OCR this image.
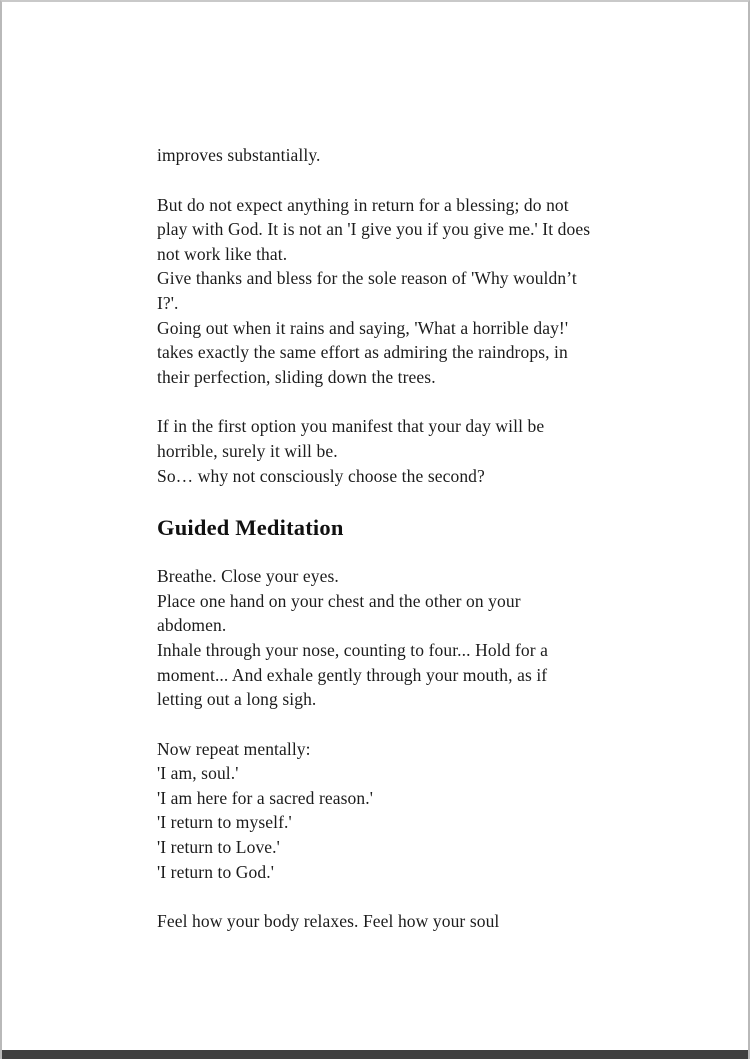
improves substantially.

But do not expect anything in return for a blessing; do not play with God. It is not an 'I give you if you give me.' It does not work like that.

Give thanks and bless for the sole reason of 'Why wouldn’t I?'.

Going out when it rains and saying, 'What a horrible day!' takes exactly the same effort as admiring the raindrops, in their perfection, sliding down the trees.

If in the first option you manifest that your day will be horrible, surely it will be.

So… why not consciously choose the second?

Guided Meditation

Breathe. Close your eyes.

Place one hand on your chest and the other on your abdomen.

Inhale through your nose, counting to four... Hold for a moment... And exhale gently through your mouth, as if letting out a long sigh.

Now repeat mentally:

'I am, soul.'

'I am here for a sacred reason.'

'I return to myself.'

'I return to Love.'

'I return to God.'

Feel how your body relaxes. Feel how your soul
